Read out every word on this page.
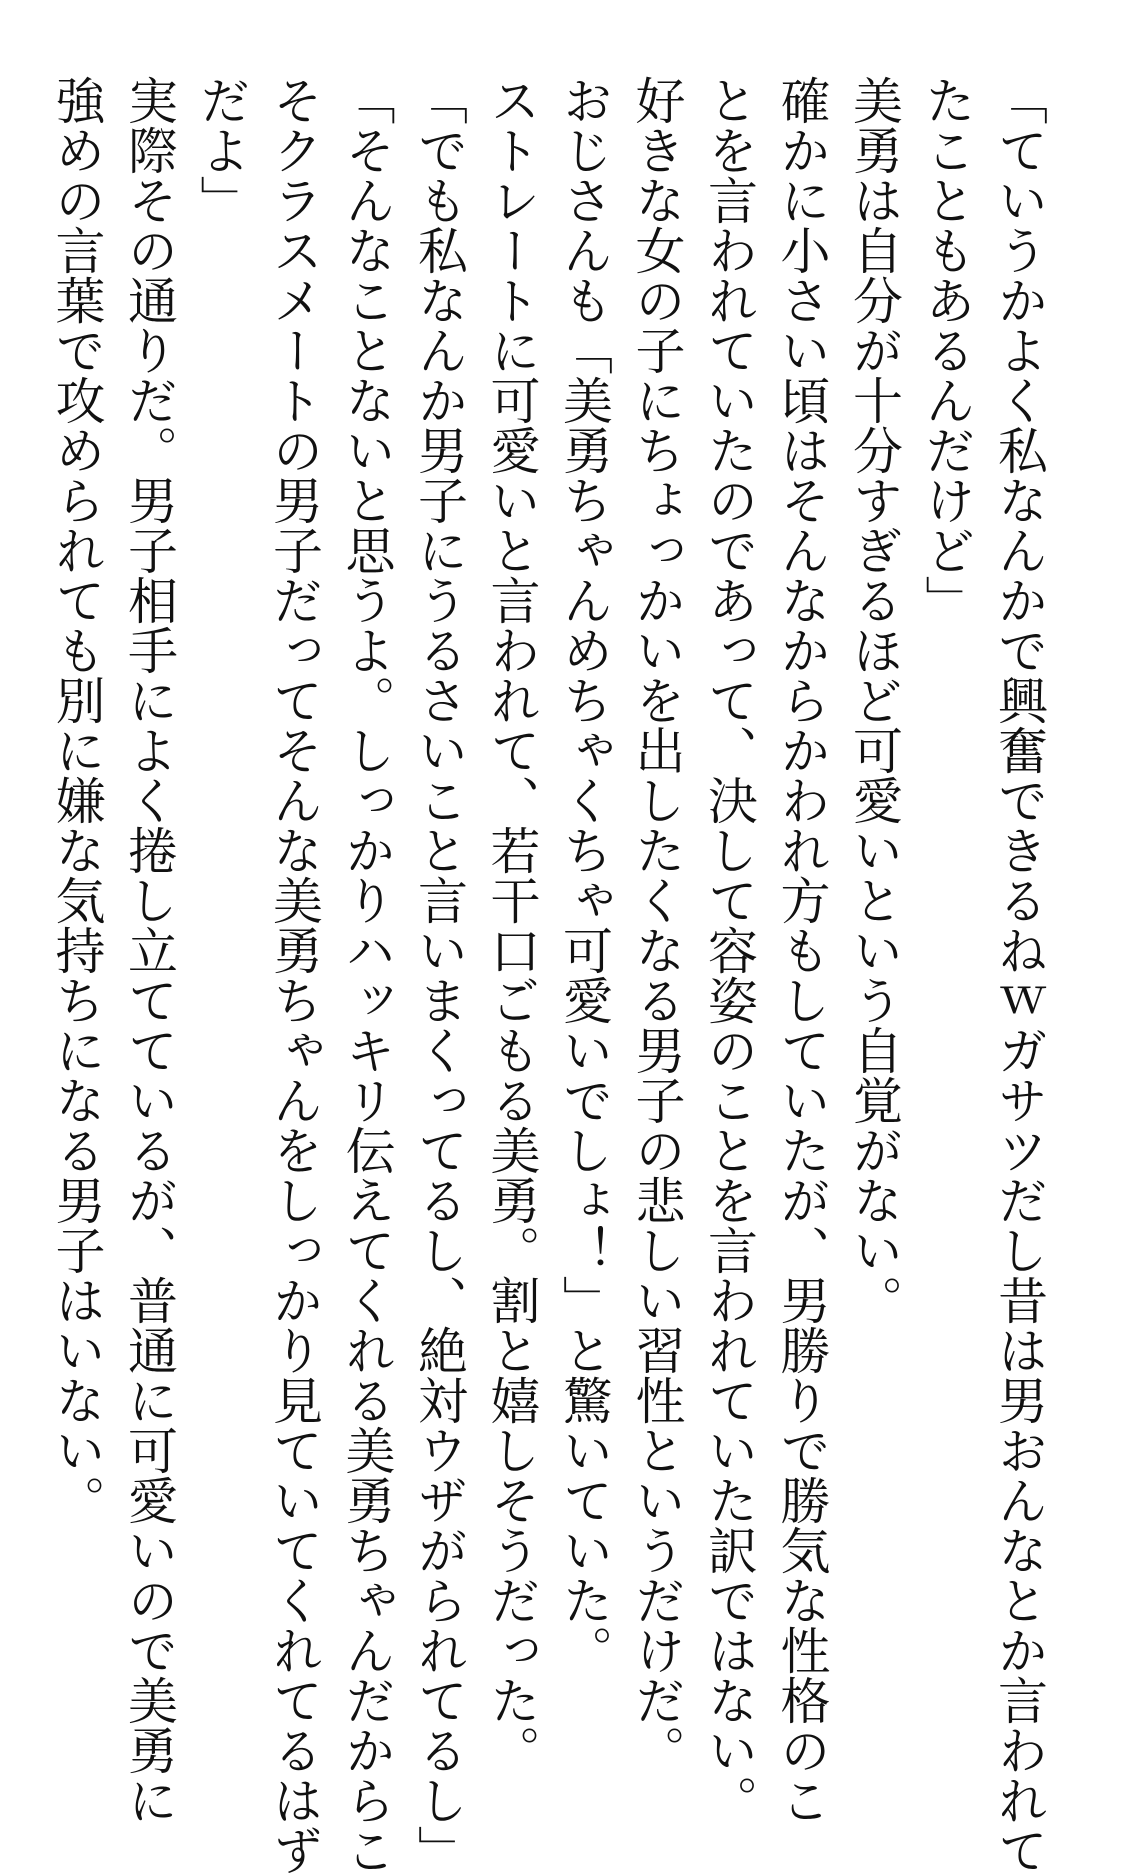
「ていうかよく私なんかで興奮できるねｗガサツだし昔は男おんなとか言われて
たこともあるんだけど」
美勇は自分が十分すぎるほど可愛いという自覚がない。
確かに小さい頃はそんなからかわれ方もしていたが、男勝りで勝気な性格のこ
とを言われていたのであって、決して容姿のことを言われていた訳ではない。
好きな女の子にちょっかいを出したくなる男子の悲しい習性というだけだ。
おじさんも「美勇ちゃんめちゃくちゃ可愛いでしょ！」と驚いていた。
ストレートに可愛いと言われて、若干口ごもる美勇。割と嬉しそうだった。
「でも私なんか男子にうるさいこと言いまくってるし、絶対ウザがられてるし」
「そんなことないと思うよ。しっかりハッキリ伝えてくれる美勇ちゃんだからこ
そクラスメートの男子だってそんな美勇ちゃんをしっかり見ていてくれてるはず
だよ」
実際その通りだ。男子相手によく捲し立てているが、普通に可愛いので美勇に
強めの言葉で攻められても別に嫌な気持ちになる男子はいない。
